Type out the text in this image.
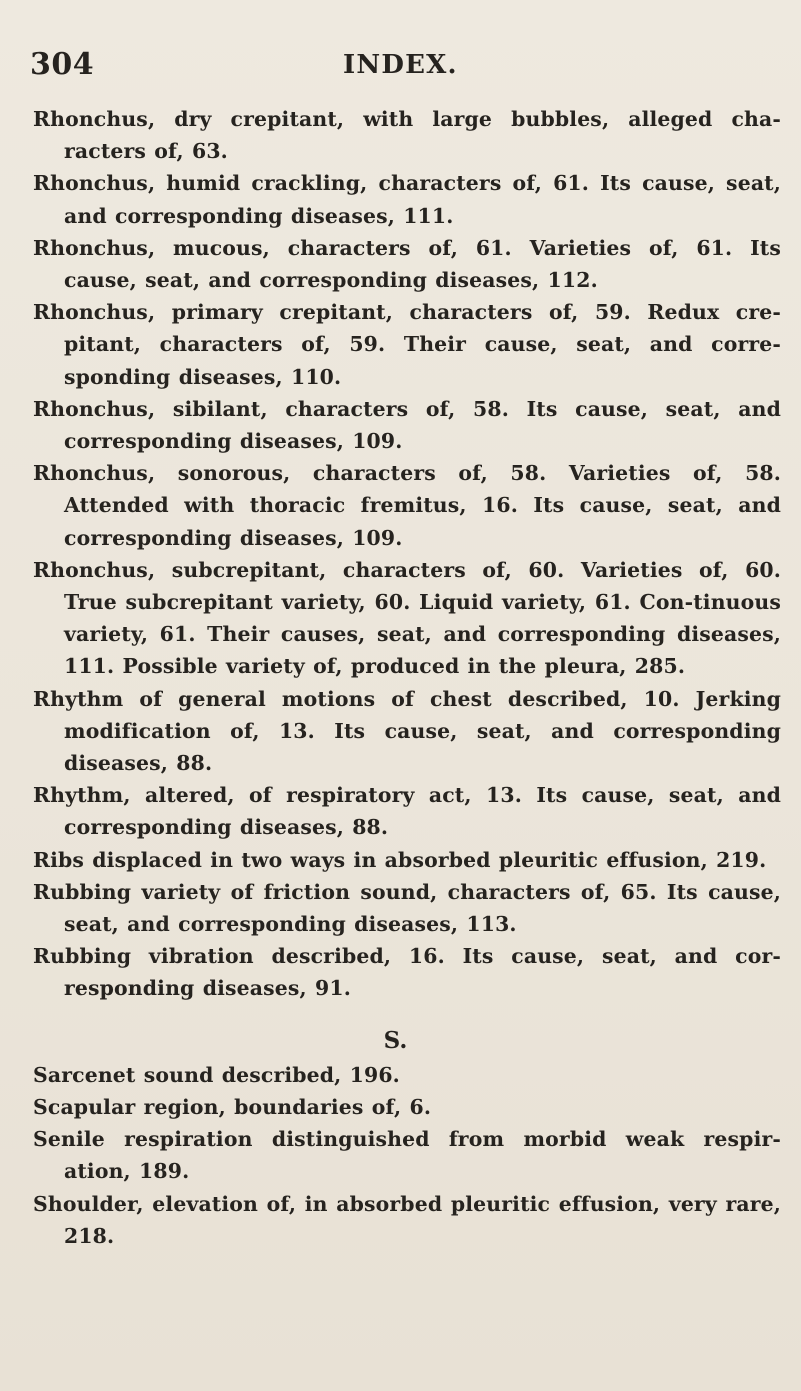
304	INDEX.

Rhonchus, dry crepitant, with large bubbles, alleged cha-racters of, 63.

Rhonchus, humid crackling, characters of, 61. Its cause, seat, and corresponding diseases, 111.

Rhonchus, mucous, characters of, 61. Varieties of, 61. Its cause, seat, and corresponding diseases, 112.

Rhonchus, primary crepitant, characters of, 59. Redux cre-pitant, characters of, 59. Their cause, seat, and corre-sponding diseases, 110.

Rhonchus, sibilant, characters of, 58. Its cause, seat, and corresponding diseases, 109.

Rhonchus, sonorous, characters of, 58. Varieties of, 58. Attended with thoracic fremitus, 16. Its cause, seat, and corresponding diseases, 109.

Rhonchus, subcrepitant, characters of, 60. Varieties of, 60. True subcrepitant variety, 60. Liquid variety, 61. Con-tinuous variety, 61. Their causes, seat, and corresponding diseases, 111. Possible variety of, produced in the pleura, 285.

Rhythm of general motions of chest described, 10. Jerking modification of, 13. Its cause, seat, and corresponding diseases, 88.

Rhythm, altered, of respiratory act, 13. Its cause, seat, and corresponding diseases, 88.

Ribs displaced in two ways in absorbed pleuritic effusion, 219.

Rubbing variety of friction sound, characters of, 65. Its cause, seat, and corresponding diseases, 113.

Rubbing vibration described, 16. Its cause, seat, and cor-responding diseases, 91.

S.

Sarcenet sound described, 196.

Scapular region, boundaries of, 6.

Senile respiration distinguished from morbid weak respir-ation, 189.

Shoulder, elevation of, in absorbed pleuritic effusion, very rare, 218.
